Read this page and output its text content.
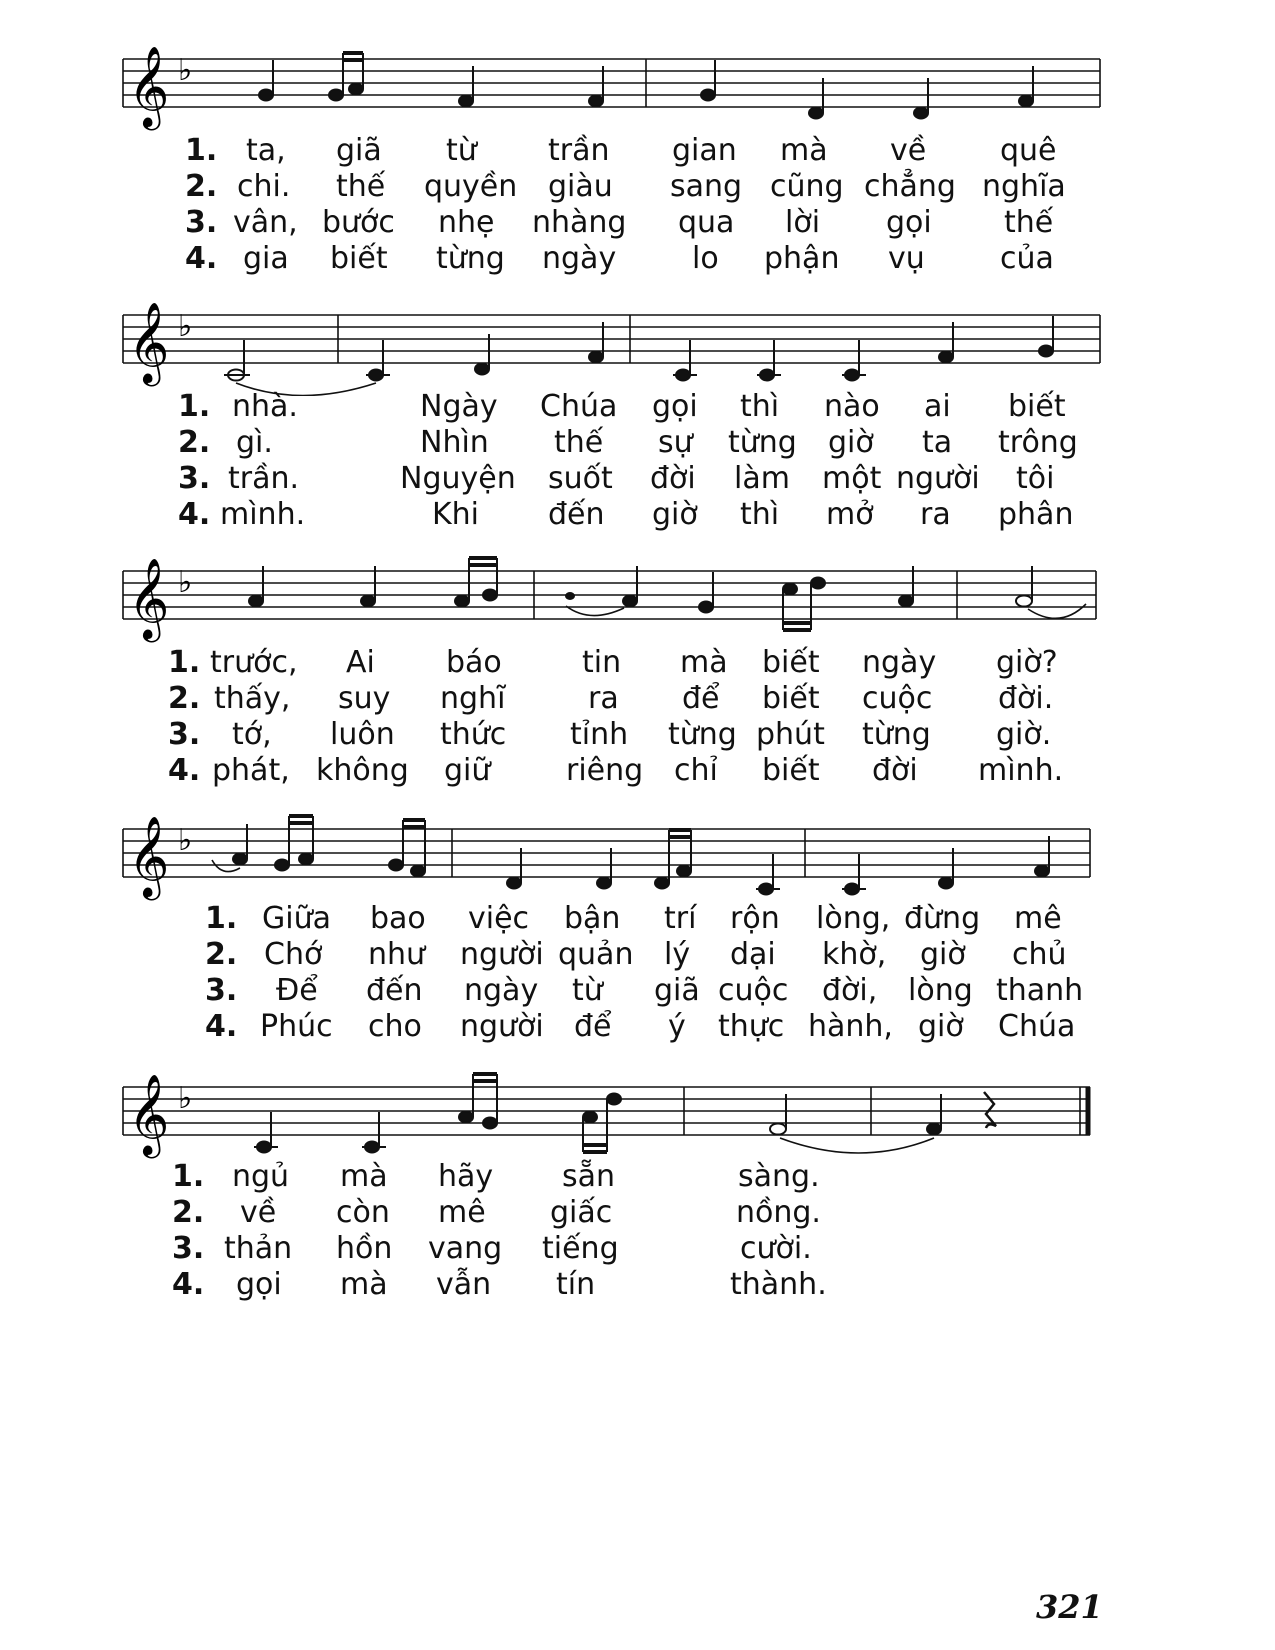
𝄞 ♭
1. ta, giã từ trần gian mà về quê
2. chi. thế quyền giàu sang cũng chẳng nghĩa
3. vân, bước nhẹ nhàng qua lời gọi thế
4. gia biết từng ngày	lo phận vụ	của
𝄞 ♭
1. nhà.	Ngày Chúa gọi thì nào ai biết
2. gì.	Nhìn thế sự từng giờ ta trông
3. trần.	Nguyện suốt đời làm một người tôi
4. mình.	Khi đến giờ thì mở ra phân
𝄞 ♭
1. trước, Ai báo	tin mà biết ngày giờ?
2. thấy, suy nghĩ	ra để biết cuộc đời.
3. tớ, luôn thức tỉnh từng phút từng giờ.
4. phát, không giữ	riêng chỉ biết đời mình.
𝄞 ♭
1. Giữa bao việc bận trí rộn lòng, đừng mê
2. Chớ như người quản lý dại khờ, giờ chủ
3. Để đến ngày từ giã cuộc đời, lòng thanh
4. Phúc cho người để ý thực hành, giờ Chúa
𝄞 ♭
1. ngủ mà hãy sẵn	sàng.
2. về còn mê giấc	nồng.
3. thản hồn vang tiếng	cười.
4. gọi mà vẫn tín	thành.
321
